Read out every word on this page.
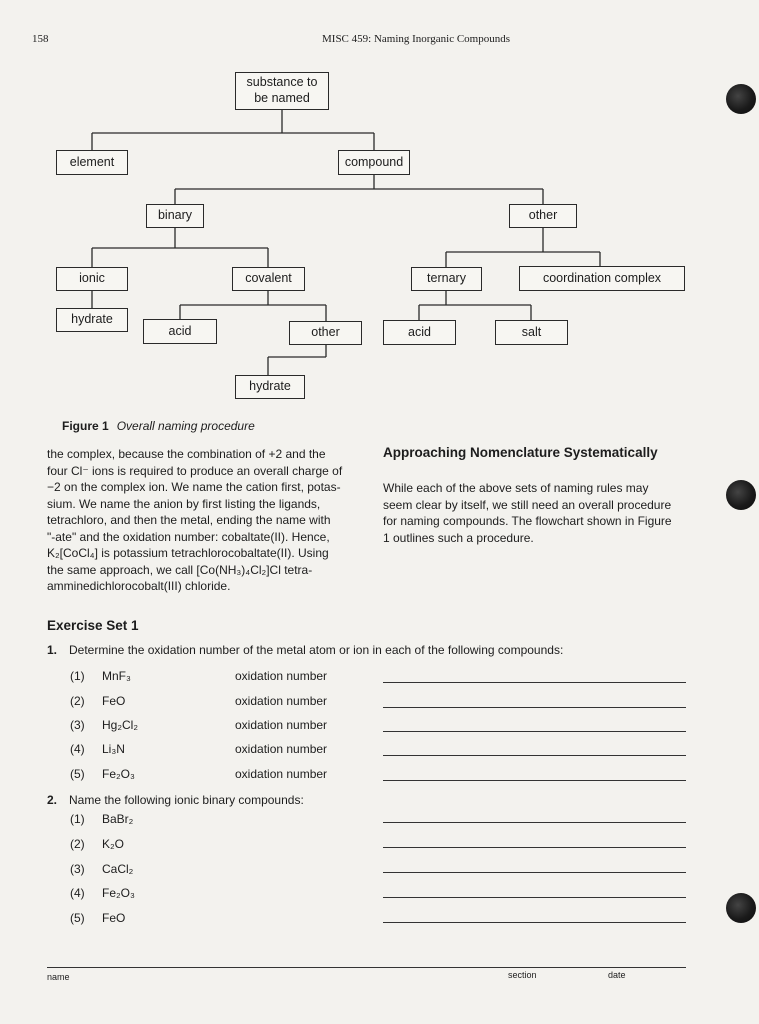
158	MISC 459: Naming Inorganic Compounds
substance to be named
element	compound
binary	other
ionic	covalent	ternary	coordination complex
hydrate
acid	other	acid	salt
hydrate
Figure 1 Overall naming procedure

the complex, because the combination of +2 and the

four Cl⁻ ions is required to produce an overall charge of

−2 on the complex ion. We name the cation first, potas-

sium. We name the anion by first listing the ligands,

tetrachloro, and then the metal, ending the name with

"-ate" and the oxidation number: cobaltate(II). Hence,

K₂[CoCl₄] is potassium tetrachlorocobaltate(II). Using

the same approach, we call [Co(NH₃)₄Cl₂]Cl tetra-

amminedichlorocobalt(III) chloride.

Approaching Nomenclature Systematically

While each of the above sets of naming rules may

seem clear by itself, we still need an overall procedure

for naming compounds. The flowchart shown in Figure

1 outlines such a procedure.

Exercise Set 1
1. Determine the oxidation number of the metal atom or ion in each of the following compounds:
(1) MnF₃	oxidation number
(2) FeO	oxidation number
(3) Hg₂Cl₂	oxidation number
(4) Li₃N	oxidation number
(5) Fe₂O₃	oxidation number
2. Name the following ionic binary compounds:
(1) BaBr₂
(2) K₂O
(3) CaCl₂
(4) Fe₂O₃
(5) FeO
name	section	date
